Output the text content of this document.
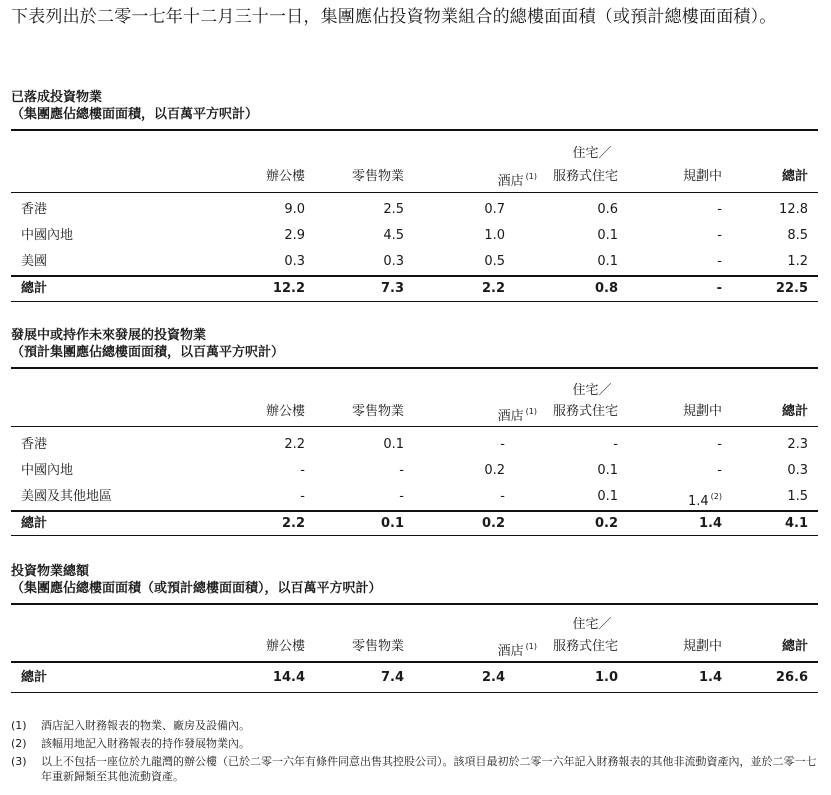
下表列出於二零一七年十二月三十一日，集團應佔投資物業組合的總樓面面積（或預計總樓面面積）。
已落成投資物業
（集團應佔總樓面面積，以百萬平方呎計）
住宅／
辦公樓	零售物業	酒店 $^{(1)}$	服務式住宅	規劃中	總計
香港	9.0	2.5	0.7	0.6	-	12.8
中國內地	2.9	4.5	1.0	0.1	-	8.5
美國	0.3	0.3	0.5	0.1	-	1.2
總計	12.2	7.3	2.2	0.8	-	22.5
發展中或持作未來發展的投資物業
（預計集團應佔總樓面面積，以百萬平方呎計）
住宅／
辦公樓	零售物業	酒店 $^{(1)}$	服務式住宅	規劃中	總計
香港	2.2	0.1	-	-	-	2.3
中國內地	-	-	0.2	0.1	-	0.3
美國及其他地區	-	-	-	0.1	1.4 $^{(2)}$	1.5
總計	2.2	0.1	0.2	0.2	1.4	4.1
投資物業總額
（集團應佔總樓面面積（或預計總樓面面積），以百萬平方呎計）
住宅／
辦公樓	零售物業	酒店 $^{(1)}$	服務式住宅	規劃中	總計
總計	14.4	7.4	2.4	1.0	1.4	26.6
(1) 酒店記入財務報表的物業、廠房及設備內。
(2) 該幅用地記入財務報表的持作發展物業內。
(3) 以上不包括一座位於九龍灣的辦公樓（已於二零一六年有條件同意出售其控股公司）。該項目最初於二零一六年記入財務報表的其他非流動資產內，並於二零一七年重新歸類至其他流動資產。
